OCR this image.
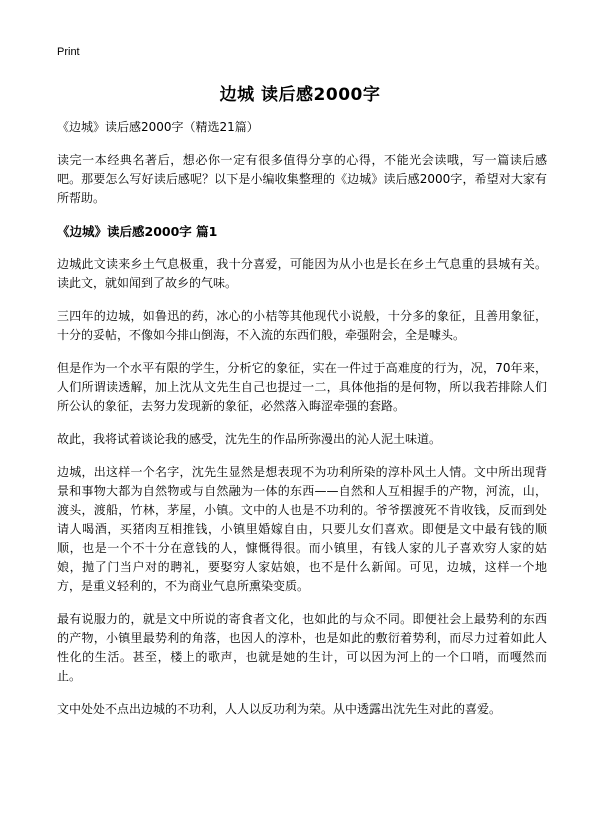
Print
边城 读后感2000字

《边城》读后感2000字（精选21篇）

读完一本经典名著后，想必你一定有很多值得分享的心得，不能光会读哦，写一篇读后感吧。那要怎么写好读后感呢？以下是小编收集整理的《边城》读后感2000字，希望对大家有所帮助。

《边城》读后感2000字 篇1

边城此文读来乡土气息极重，我十分喜爱，可能因为从小也是长在乡土气息重的县城有关。读此文，就如闻到了故乡的气味。

三四年的边城，如鲁迅的药，冰心的小桔等其他现代小说般，十分多的象征，且善用象征，十分的妥帖，不像如今排山倒海，不入流的东西们般，牵强附会，全是噱头。

但是作为一个水平有限的学生，分析它的象征，实在一件过于高难度的行为，况，70年来，人们所谓读透解，加上沈从文先生自己也提过一二，具体他指的是何物，所以我若排除人们所公认的象征，去努力发现新的象征，必然落入晦涩牵强的套路。

故此，我将试着谈论我的感受，沈先生的作品所弥漫出的沁人泥土味道。

边城，出这样一个名字，沈先生显然是想表现不为功利所染的淳朴风土人情。文中所出现背景和事物大都为自然物或与自然融为一体的东西——自然和人互相握手的产物，河流，山，渡头，渡船，竹林，茅屋，小镇。文中的人也是不功利的。爷爷摆渡死不肯收钱，反而到处请人喝酒，买猪肉互相推钱，小镇里婚嫁自由，只要儿女们喜欢。即便是文中最有钱的顺顺，也是一个不十分在意钱的人，慷慨得很。而小镇里，有钱人家的儿子喜欢穷人家的姑娘，抛了门当户对的聘礼，要娶穷人家姑娘，也不是什么新闻。可见，边城，这样一个地方，是重义轻利的，不为商业气息所熏染变质。

最有说服力的，就是文中所说的寄食者文化，也如此的与众不同。即便社会上最势利的东西的产物，小镇里最势利的角落，也因人的淳朴，也是如此的敷衍着势利，而尽力过着如此人性化的生活。甚至，楼上的歌声，也就是她的生计，可以因为河上的一个口哨，而嘎然而止。

文中处处不点出边城的不功利，人人以反功利为荣。从中透露出沈先生对此的喜爱。
